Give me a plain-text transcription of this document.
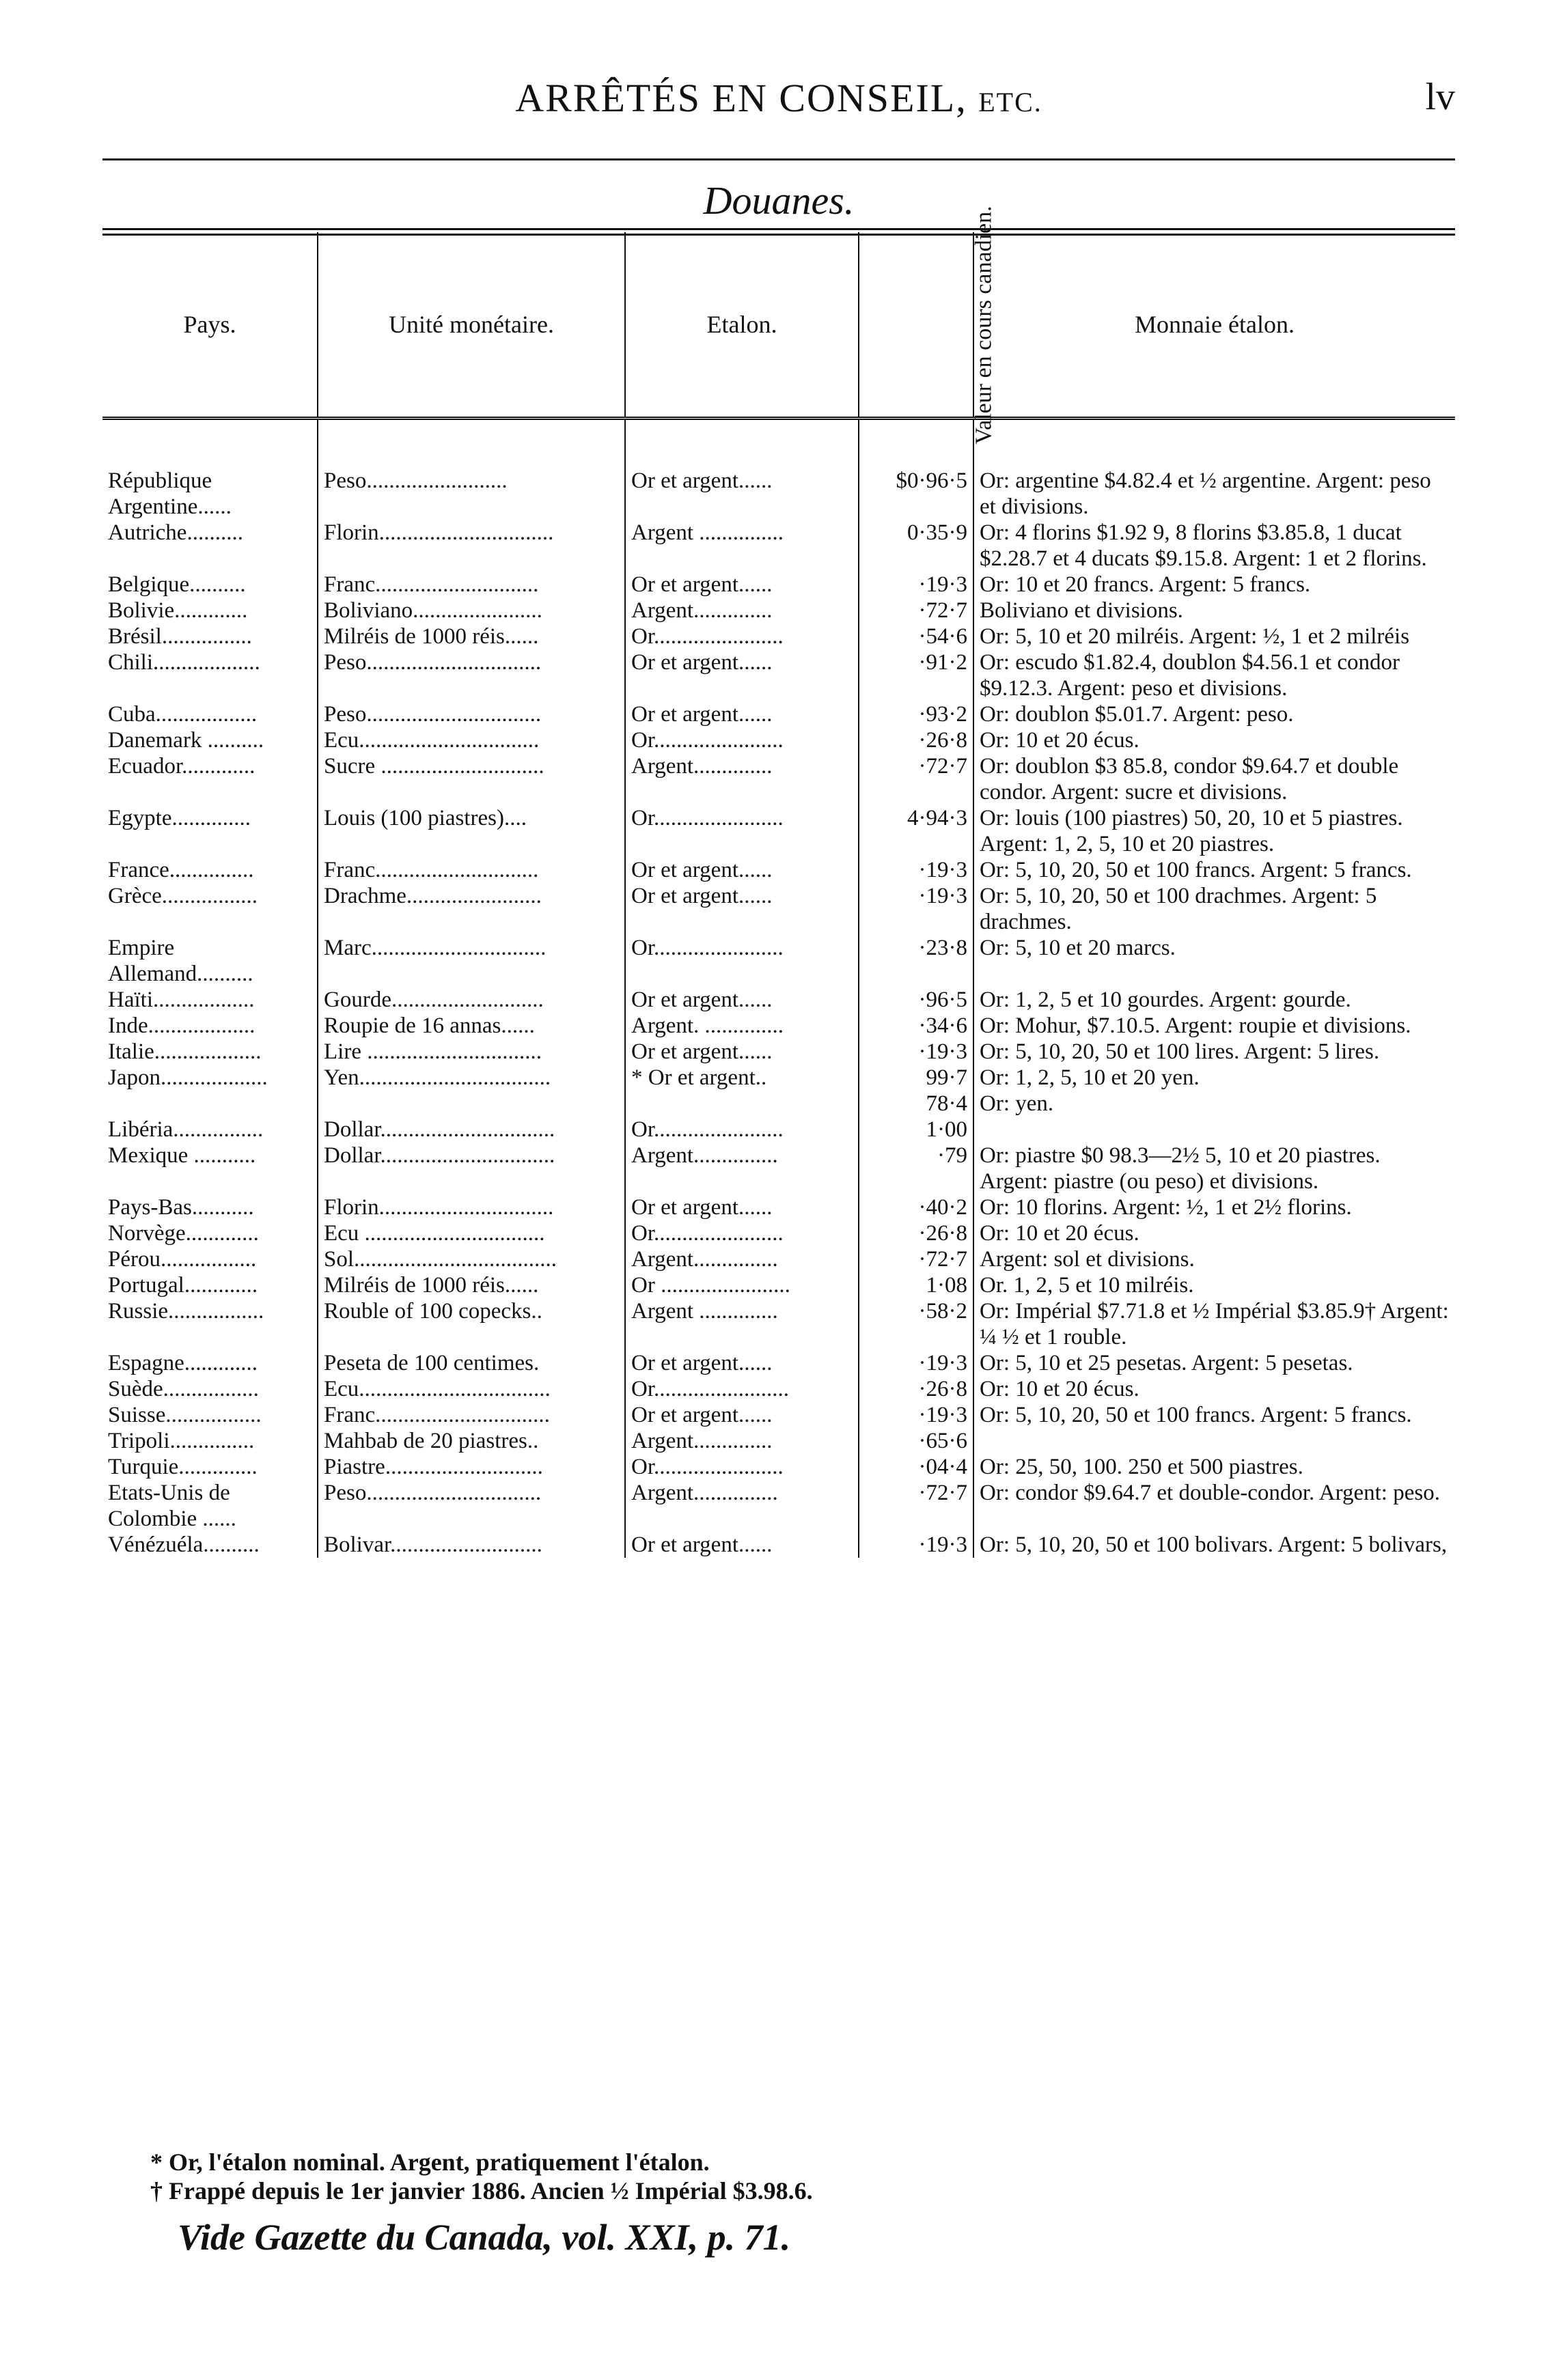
ARRÊTÉS EN CONSEIL, ETC.	lv
Douanes.
Pays.	Unité monétaire.	Etalon.	Valeur en cours canadien.	Monnaie étalon.
République Argentine......	Peso.........................	Or et argent......	$0·96·5	Or: argentine $4.82.4 et ½ argentine. Argent: peso et divisions.
Autriche..........	Florin...............................	Argent ...............	0·35·9	Or: 4 florins $1.92 9, 8 florins $3.85.8, 1 ducat $2.28.7 et 4 ducats $9.15.8. Argent: 1 et 2 florins.
Belgique..........	Franc.............................	Or et argent......	·19·3	Or: 10 et 20 francs. Argent: 5 francs.
Bolivie.............	Boliviano.......................	Argent..............	·72·7	Boliviano et divisions.
Brésil................	Milréis de 1000 réis......	Or.......................	·54·6	Or: 5, 10 et 20 milréis. Argent: ½, 1 et 2 milréis
Chili...................	Peso...............................	Or et argent......	·91·2	Or: escudo $1.82.4, doublon $4.56.1 et condor $9.12.3. Argent: peso et divisions.
Cuba..................	Peso...............................	Or et argent......	·93·2	Or: doublon $5.01.7. Argent: peso.
Danemark ..........	Ecu................................	Or.......................	·26·8	Or: 10 et 20 écus.
Ecuador.............	Sucre .............................	Argent..............	·72·7	Or: doublon $3 85.8, condor $9.64.7 et double condor. Argent: sucre et divisions.
Egypte..............	Louis (100 piastres)....	Or.......................	4·94·3	Or: louis (100 piastres) 50, 20, 10 et 5 piastres. Argent: 1, 2, 5, 10 et 20 piastres.
France...............	Franc.............................	Or et argent......	·19·3	Or: 5, 10, 20, 50 et 100 francs. Argent: 5 francs.
Grèce.................	Drachme........................	Or et argent......	·19·3	Or: 5, 10, 20, 50 et 100 drachmes. Argent: 5 drachmes.
Empire Allemand..........	Marc...............................	Or.......................	·23·8	Or: 5, 10 et 20 marcs.
Haïti..................	Gourde...........................	Or et argent......	·96·5	Or: 1, 2, 5 et 10 gourdes. Argent: gourde.
Inde...................	Roupie de 16 annas......	Argent. ..............	·34·6	Or: Mohur, $7.10.5. Argent: roupie et divisions.
Italie...................	Lire ...............................	Or et argent......	·19·3	Or: 5, 10, 20, 50 et 100 lires. Argent: 5 lires.
Japon...................	Yen..................................	* Or et argent..	99·7	Or: 1, 2, 5, 10 et 20 yen.
			78·4	Or: yen.
Libéria................	Dollar...............................	Or.......................	1·00	
Mexique ...........	Dollar...............................	Argent...............	·79	Or: piastre $0 98.3—2½ 5, 10 et 20 piastres. Argent: piastre (ou peso) et divisions.
Pays-Bas...........	Florin...............................	Or et argent......	·40·2	Or: 10 florins. Argent: ½, 1 et 2½ florins.
Norvège.............	Ecu ................................	Or.......................	·26·8	Or: 10 et 20 écus.
Pérou.................	Sol....................................	Argent...............	·72·7	Argent: sol et divisions.
Portugal.............	Milréis de 1000 réis......	Or .......................	1·08	Or. 1, 2, 5 et 10 milréis.
Russie.................	Rouble of 100 copecks..	Argent ..............	·58·2	Or: Impérial $7.71.8 et ½ Impérial $3.85.9† Argent: ¼ ½ et 1 rouble.
Espagne.............	Peseta de 100 centimes.	Or et argent......	·19·3	Or: 5, 10 et 25 pesetas. Argent: 5 pesetas.
Suède.................	Ecu..................................	Or........................	·26·8	Or: 10 et 20 écus.
Suisse.................	Franc...............................	Or et argent......	·19·3	Or: 5, 10, 20, 50 et 100 francs. Argent: 5 francs.
Tripoli...............	Mahbab de 20 piastres..	Argent..............	·65·6	
Turquie..............	Piastre............................	Or.......................	·04·4	Or: 25, 50, 100. 250 et 500 piastres.
Etats-Unis de Colombie ......	Peso...............................	Argent...............	·72·7	Or: condor $9.64.7 et double-condor. Argent: peso.
Vénézuéla..........	Bolivar...........................	Or et argent......	·19·3	Or: 5, 10, 20, 50 et 100 bolivars. Argent: 5 bolivars,
* Or, l'étalon nominal. Argent, pratiquement l'étalon.
† Frappé depuis le 1er janvier 1886. Ancien ½ Impérial $3.98.6.
Vide Gazette du Canada, vol. XXI, p. 71.
